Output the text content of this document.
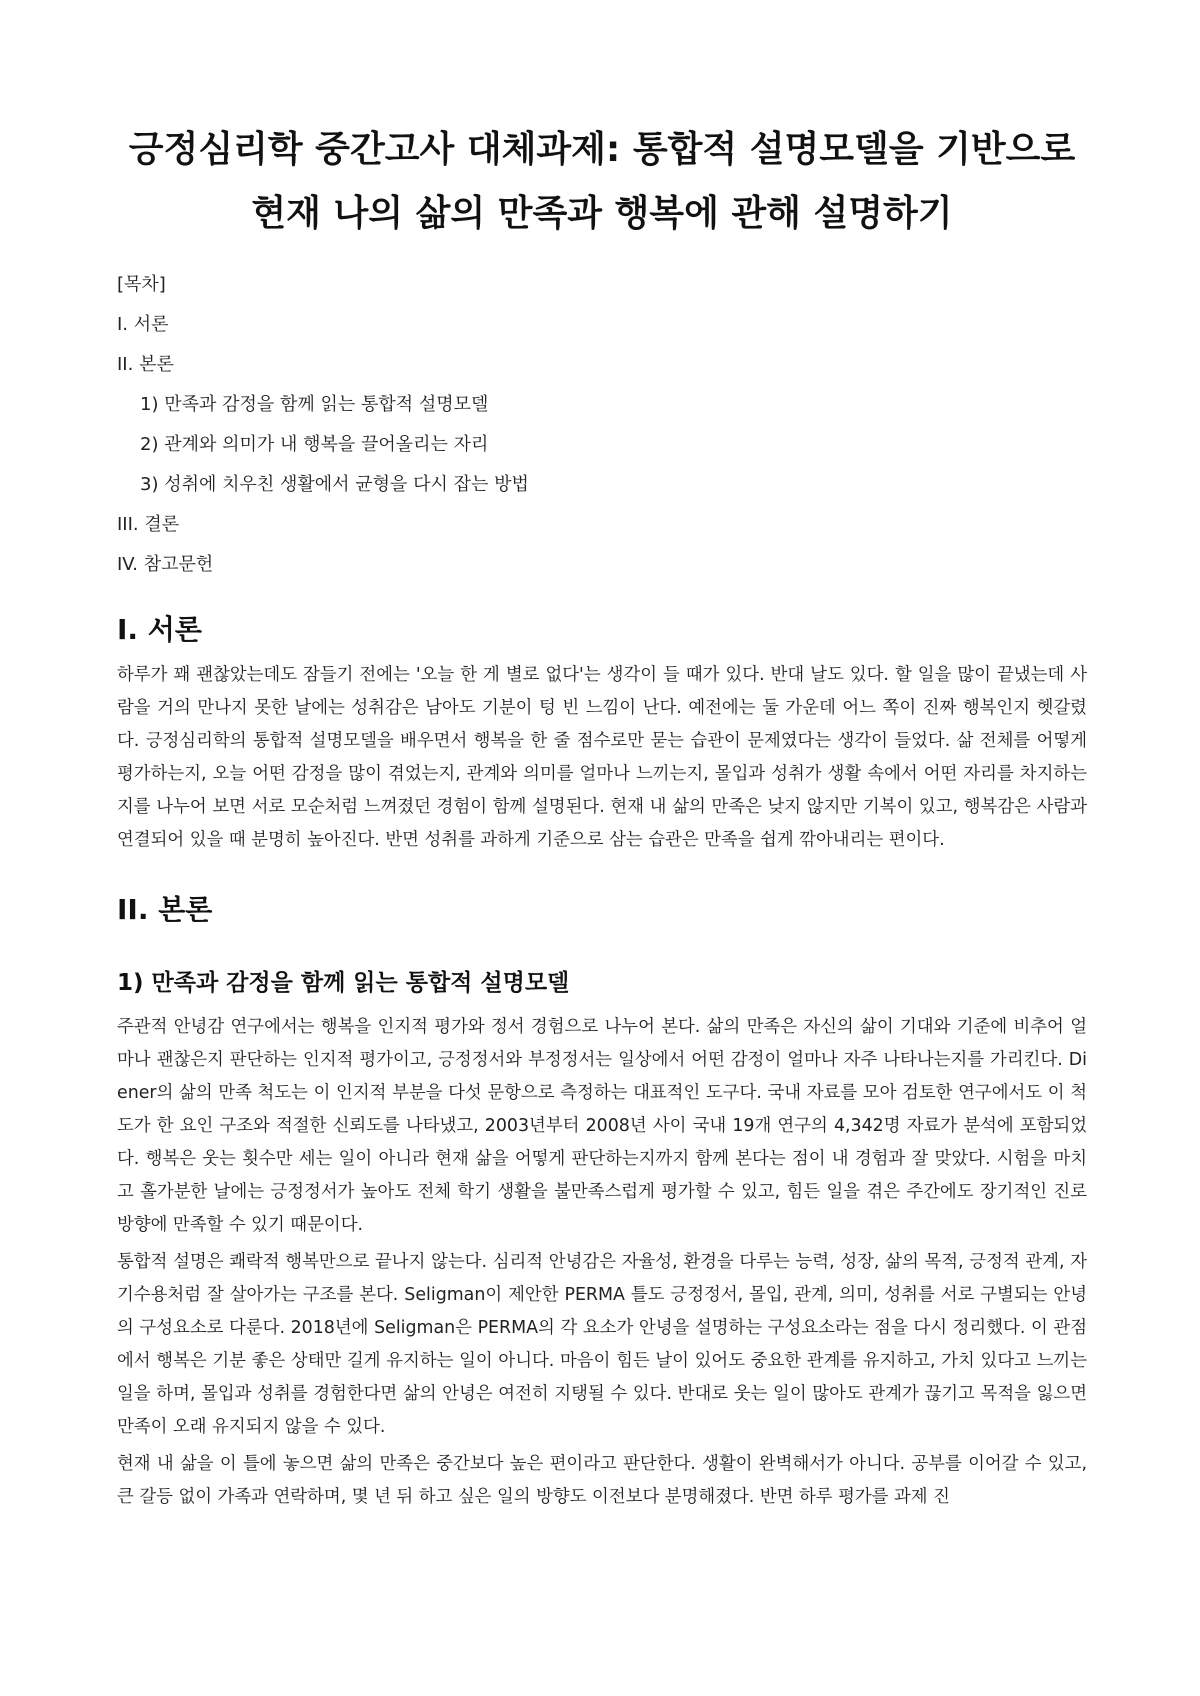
긍정심리학 중간고사 대체과제: 통합적 설명모델을 기반으로
현재 나의 삶의 만족과 행복에 관해 설명하기
[목차]
I. 서론
II. 본론
1) 만족과 감정을 함께 읽는 통합적 설명모델
2) 관계와 의미가 내 행복을 끌어올리는 자리
3) 성취에 치우친 생활에서 균형을 다시 잡는 방법
III. 결론
IV. 참고문헌
I. 서론

하루가 꽤 괜찮았는데도 잠들기 전에는 '오늘 한 게 별로 없다'는 생각이 들 때가 있다. 반대 날도 있다. 할 일을 많이 끝냈는데 사람을 거의 만나지 못한 날에는 성취감은 남아도 기분이 텅 빈 느낌이 난다. 예전에는 둘 가운데 어느 쪽이 진짜 행복인지 헷갈렸다. 긍정심리학의 통합적 설명모델을 배우면서 행복을 한 줄 점수로만 묻는 습관이 문제였다는 생각이 들었다. 삶 전체를 어떻게 평가하는지, 오늘 어떤 감정을 많이 겪었는지, 관계와 의미를 얼마나 느끼는지, 몰입과 성취가 생활 속에서 어떤 자리를 차지하는지를 나누어 보면 서로 모순처럼 느껴졌던 경험이 함께 설명된다. 현재 내 삶의 만족은 낮지 않지만 기복이 있고, 행복감은 사람과 연결되어 있을 때 분명히 높아진다. 반면 성취를 과하게 기준으로 삼는 습관은 만족을 쉽게 깎아내리는 편이다.

II. 본론
1) 만족과 감정을 함께 읽는 통합적 설명모델

주관적 안녕감 연구에서는 행복을 인지적 평가와 정서 경험으로 나누어 본다. 삶의 만족은 자신의 삶이 기대와 기준에 비추어 얼마나 괜찮은지 판단하는 인지적 평가이고, 긍정정서와 부정정서는 일상에서 어떤 감정이 얼마나 자주 나타나는지를 가리킨다. Diener의 삶의 만족 척도는 이 인지적 부분을 다섯 문항으로 측정하는 대표적인 도구다. 국내 자료를 모아 검토한 연구에서도 이 척도가 한 요인 구조와 적절한 신뢰도를 나타냈고, 2003년부터 2008년 사이 국내 19개 연구의 4,342명 자료가 분석에 포함되었다. 행복은 웃는 횟수만 세는 일이 아니라 현재 삶을 어떻게 판단하는지까지 함께 본다는 점이 내 경험과 잘 맞았다. 시험을 마치고 홀가분한 날에는 긍정정서가 높아도 전체 학기 생활을 불만족스럽게 평가할 수 있고, 힘든 일을 겪은 주간에도 장기적인 진로 방향에 만족할 수 있기 때문이다.

통합적 설명은 쾌락적 행복만으로 끝나지 않는다. 심리적 안녕감은 자율성, 환경을 다루는 능력, 성장, 삶의 목적, 긍정적 관계, 자기수용처럼 잘 살아가는 구조를 본다. Seligman이 제안한 PERMA 틀도 긍정정서, 몰입, 관계, 의미, 성취를 서로 구별되는 안녕의 구성요소로 다룬다. 2018년에 Seligman은 PERMA의 각 요소가 안녕을 설명하는 구성요소라는 점을 다시 정리했다. 이 관점에서 행복은 기분 좋은 상태만 길게 유지하는 일이 아니다. 마음이 힘든 날이 있어도 중요한 관계를 유지하고, 가치 있다고 느끼는 일을 하며, 몰입과 성취를 경험한다면 삶의 안녕은 여전히 지탱될 수 있다. 반대로 웃는 일이 많아도 관계가 끊기고 목적을 잃으면 만족이 오래 유지되지 않을 수 있다.

현재 내 삶을 이 틀에 놓으면 삶의 만족은 중간보다 높은 편이라고 판단한다. 생활이 완벽해서가 아니다. 공부를 이어갈 수 있고, 큰 갈등 없이 가족과 연락하며, 몇 년 뒤 하고 싶은 일의 방향도 이전보다 분명해졌다. 반면 하루 평가를 과제 진
